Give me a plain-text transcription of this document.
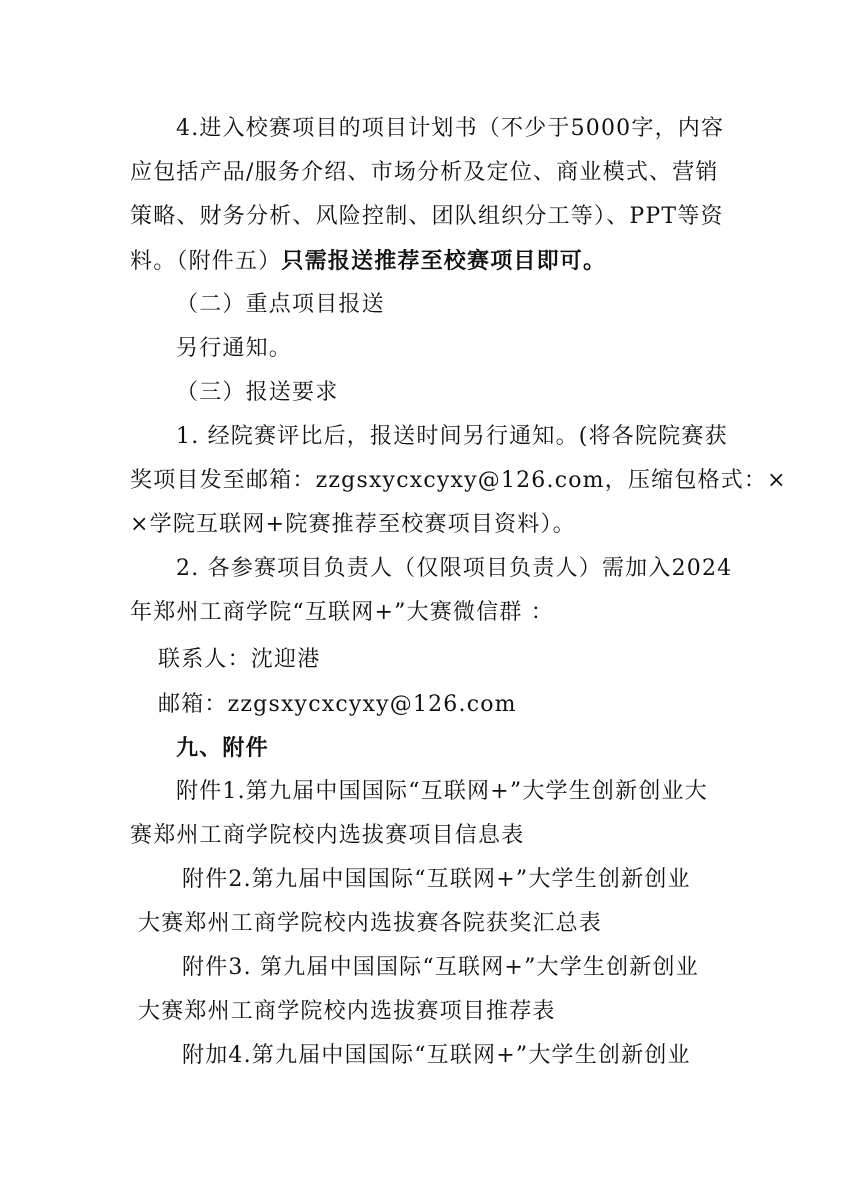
4.进入校赛项目的项目计划书（不少于5000字，内容
应包括产品/服务介绍、市场分析及定位、商业模式、营销
策略、财务分析、风险控制、团队组织分工等）、PPT等资
料。（附件五）只需报送推荐至校赛项目即可。
（二）重点项目报送
另行通知。
（三）报送要求
1. 经院赛评比后，报送时间另行通知。(将各院院赛获
奖项目发至邮箱：zzgsxycxcyxy@126.com，压缩包格式：×
×学院互联网+院赛推荐至校赛项目资料）。
2. 各参赛项目负责人（仅限项目负责人）需加入2024
年郑州工商学院“互联网+”大赛微信群 ：
联系人：沈迎港
邮箱：zzgsxycxcyxy@126.com
九、附件
附件1.第九届中国国际“互联网+”大学生创新创业大
赛郑州工商学院校内选拔赛项目信息表
附件2.第九届中国国际“互联网+”大学生创新创业
大赛郑州工商学院校内选拔赛各院获奖汇总表
附件3. 第九届中国国际“互联网+”大学生创新创业
大赛郑州工商学院校内选拔赛项目推荐表
附加4.第九届中国国际“互联网+”大学生创新创业
